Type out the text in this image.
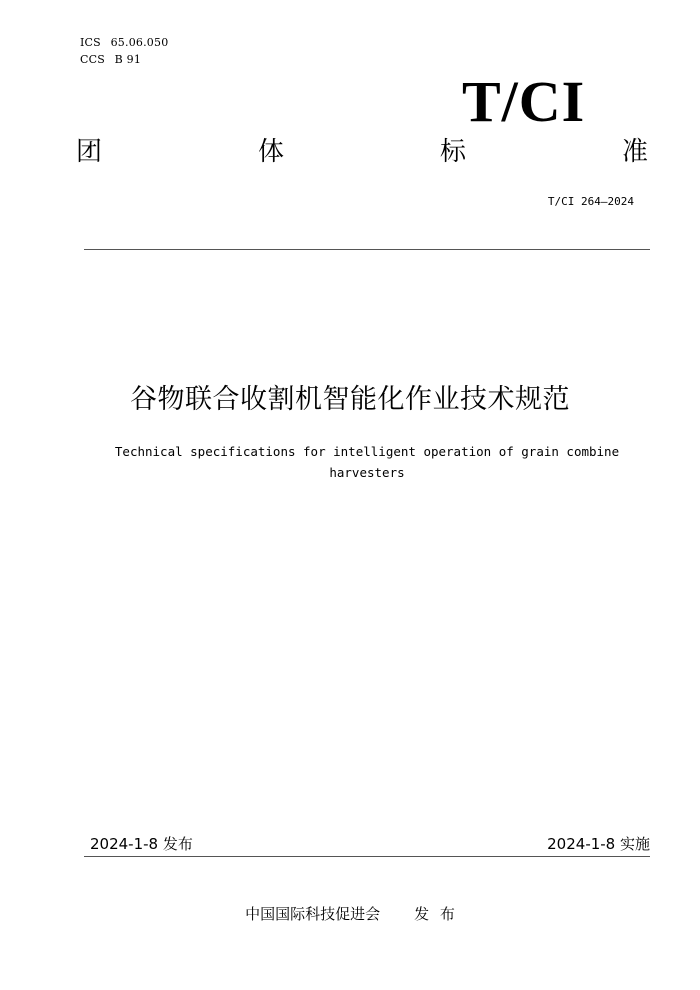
ICS 65.06.050
CCS B 91
T/CI
团	体	标	准
T/CI 264—2024
谷物联合收割机智能化作业技术规范
Technical specifications for intelligent operation of grain combine
harvesters
2024-1-8 发布	2024-1-8 实施
中国国际科技促进会 发 布
